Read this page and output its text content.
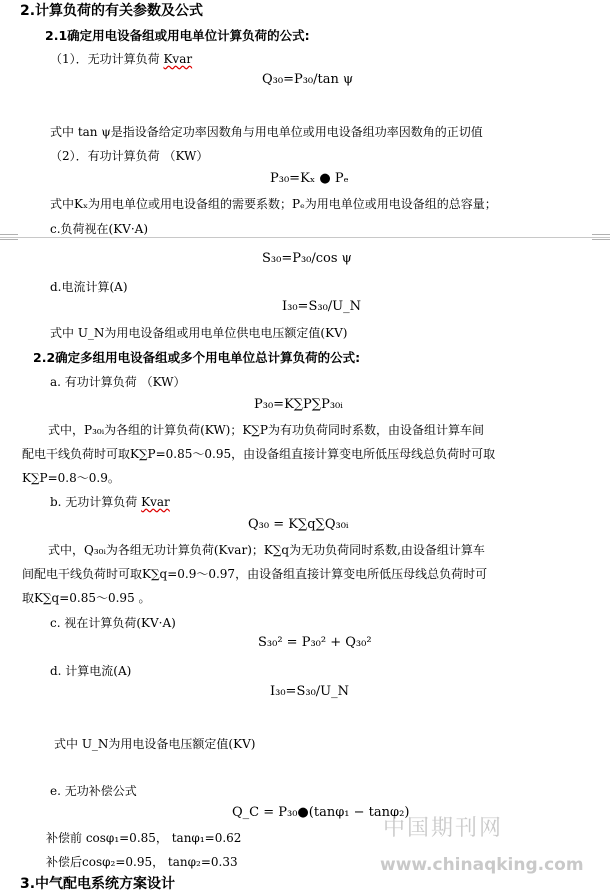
2.计算负荷的有关参数及公式
2.1确定用电设备组或用电单位计算负荷的公式:
（1）．无功计算负荷 Kvar
Q₃₀=P₃₀/tan ψ
式中 tan ψ是指设备给定功率因数角与用电单位或用电设备组功率因数角的正切值
（2）．有功计算负荷 （KW）
P₃₀=Kₓ ● Pₑ
式中Kₓ为用电单位或用电设备组的需要系数；Pₑ为用电单位或用电设备组的总容量；
c.负荷视在(KV·A)
S₃₀=P₃₀/cos ψ
d.电流计算(A)
I₃₀=S₃₀/U_N
式中 U_N为用电设备组或用电单位供电电压额定值(KV)
2.2确定多组用电设备组或多个用电单位总计算负荷的公式:
a. 有功计算负荷 （KW）
P₃₀=K∑P∑P₃₀ᵢ
式中，P₃₀ᵢ为各组的计算负荷(KW)；K∑P为有功负荷同时系数，由设备组计算车间
配电干线负荷时可取K∑P=0.85～0.95，由设备组直接计算变电所低压母线总负荷时可取
K∑P=0.8～0.9。
b. 无功计算负荷 Kvar
Q₃₀ = K∑q∑Q₃₀ᵢ
式中，Q₃₀ᵢ为各组无功计算负荷(Kvar)；K∑q为无功负荷同时系数,由设备组计算车
间配电干线负荷时可取K∑q=0.9～0.97，由设备组直接计算变电所低压母线总负荷时可
取K∑q=0.85～0.95 。
c. 视在计算负荷(KV·A)
S₃₀² = P₃₀² + Q₃₀²
d. 计算电流(A)
I₃₀=S₃₀/U_N
式中 U_N为用电设备电压额定值(KV)
e. 无功补偿公式
Q_C = P₃₀●(tanφ₁ − tanφ₂)
补偿前 cosφ₁=0.85， tanφ₁=0.62
补偿后cosφ₂=0.95， tanφ₂=0.33
3.中气配电系统方案设计
中国期刊网
www.chinaqking.com
